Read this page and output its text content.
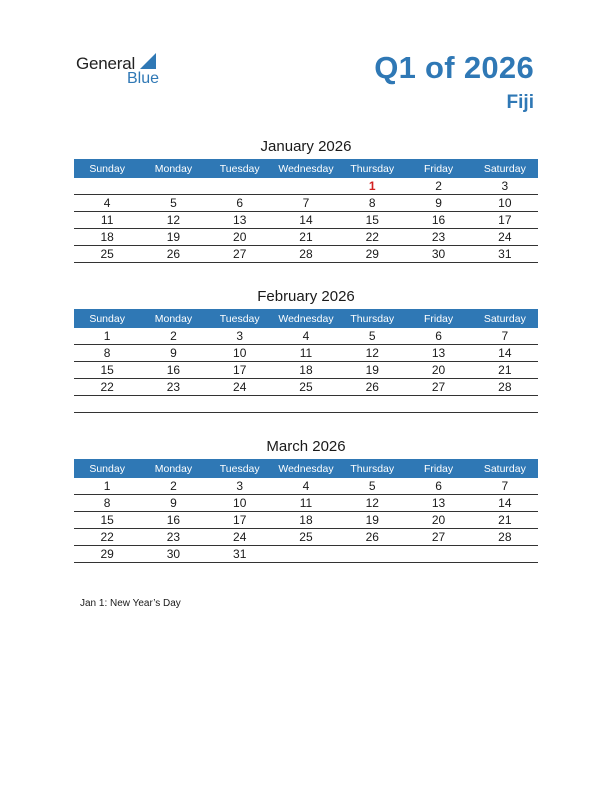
General
Blue	Q1 of 2026
Fiji
January 2026
Sunday	Monday	Tuesday	Wednesday	Thursday	Friday	Saturday
				1	2	3
4	5	6	7	8	9	10
11	12	13	14	15	16	17
18	19	20	21	22	23	24
25	26	27	28	29	30	31
February 2026
Sunday	Monday	Tuesday	Wednesday	Thursday	Friday	Saturday
1	2	3	4	5	6	7
8	9	10	11	12	13	14
15	16	17	18	19	20	21
22	23	24	25	26	27	28

March 2026
Sunday	Monday	Tuesday	Wednesday	Thursday	Friday	Saturday
1	2	3	4	5	6	7
8	9	10	11	12	13	14
15	16	17	18	19	20	21
22	23	24	25	26	27	28
29	30	31				
Jan 1: New Year’s Day
